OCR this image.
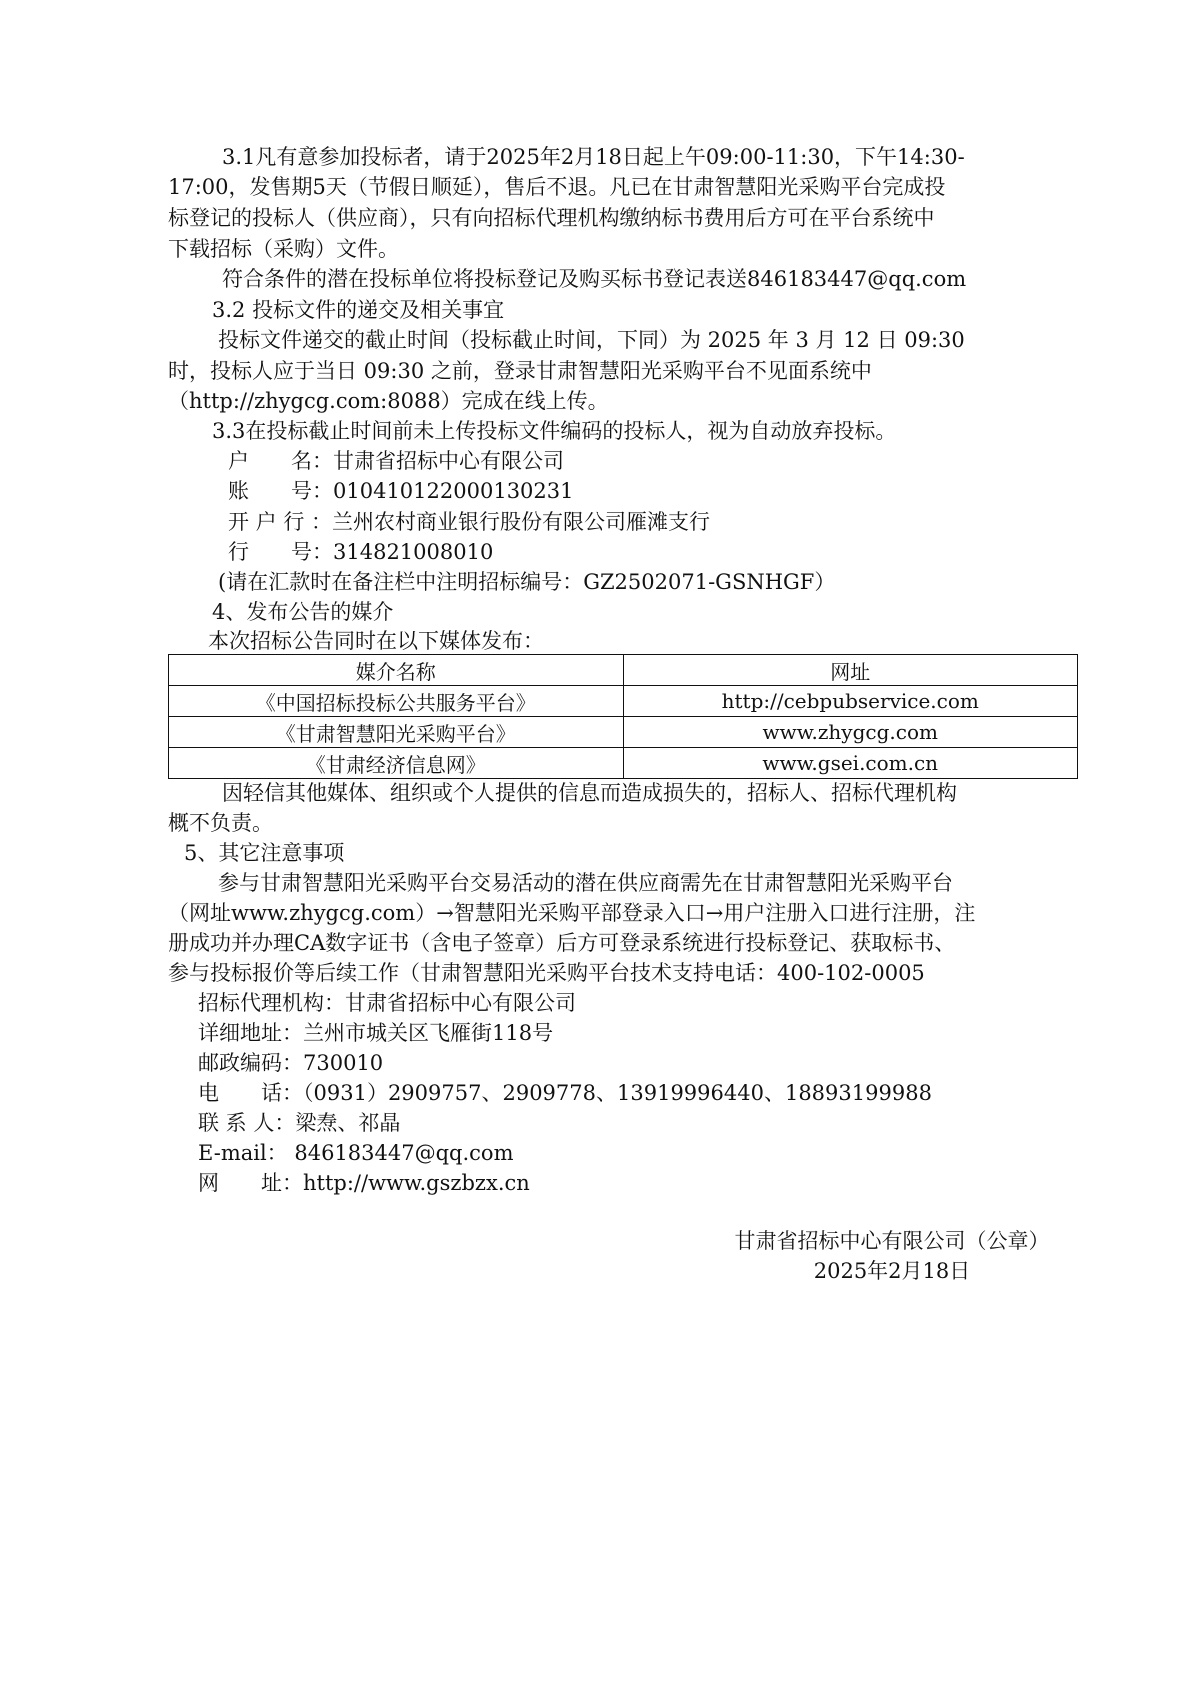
3.1凡有意参加投标者，请于2025年2月18日起上午09:00-11:30，下午14:30-
17:00，发售期5天（节假日顺延），售后不退。凡已在甘肃智慧阳光采购平台完成投
标登记的投标人（供应商），只有向招标代理机构缴纳标书费用后方可在平台系统中
下载招标（采购）文件。
符合条件的潜在投标单位将投标登记及购买标书登记表送846183447@qq.com
3.2 投标文件的递交及相关事宜
投标文件递交的截止时间（投标截止时间，下同）为 2025 年 3 月 12 日 09:30
时，投标人应于当日 09:30 之前，登录甘肃智慧阳光采购平台不见面系统中
（http://zhygcg.com:8088）完成在线上传。
3.3在投标截止时间前未上传投标文件编码的投标人，视为自动放弃投标。
户　　名：甘肃省招标中心有限公司
账　　号：010410122000130231
开 户 行 ：兰州农村商业银行股份有限公司雁滩支行
行　　号：314821008010
(请在汇款时在备注栏中注明招标编号：GZ2502071-GSNHGF）
4、发布公告的媒介
本次招标公告同时在以下媒体发布：
媒介名称	网址
《中国招标投标公共服务平台》	http://cebpubservice.com
《甘肃智慧阳光采购平台》	www.zhygcg.com
《甘肃经济信息网》	www.gsei.com.cn
因轻信其他媒体、组织或个人提供的信息而造成损失的，招标人、招标代理机构
概不负责。
5、其它注意事项
参与甘肃智慧阳光采购平台交易活动的潜在供应商需先在甘肃智慧阳光采购平台
（网址www.zhygcg.com）→智慧阳光采购平部登录入口→用户注册入口进行注册，注
册成功并办理CA数字证书（含电子签章）后方可登录系统进行投标登记、获取标书、
参与投标报价等后续工作（甘肃智慧阳光采购平台技术支持电话：400-102-0005
招标代理机构：甘肃省招标中心有限公司
详细地址：兰州市城关区飞雁街118号
邮政编码：730010
电　　话：（0931）2909757、2909778、13919996440、18893199988
联 系 人：梁焘、祁晶
E-mail： 846183447@qq.com
网　　址：http://www.gszbzx.cn
甘肃省招标中心有限公司（公章）
2025年2月18日
